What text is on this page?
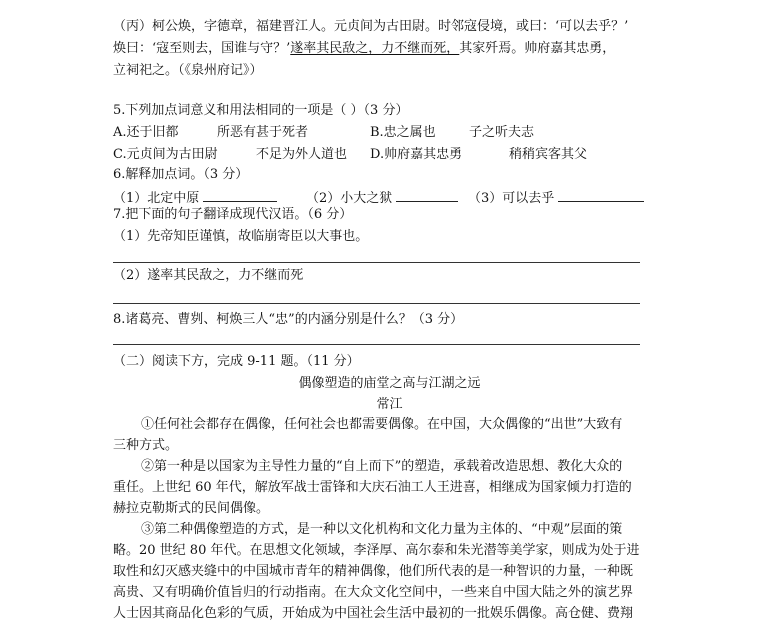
（丙）柯公焕，字德章，福建晋江人。元贞间为古田尉。时邻寇侵境，或曰：‘可以去乎？’
焕曰：‘寇至则去，国谁与守？’遂率其民敌之，力不继而死，其家歼焉。帅府嘉其忠勇，
立祠祀之。（《泉州府记》）
5.下列加点词意义和用法相同的一项是（ ）（3 分）
A.还于旧都	所恶有甚于死者	B.忠之属也	子之听夫志
C.元贞间为古田尉	不足为外人道也 D.帅府嘉其忠勇	稍稍宾客其父
6.解释加点词。（3 分）
（1）北定中原	（2）小大之狱	（3）可以去乎
7.把下面的句子翻译成现代汉语。（6 分）
（1）先帝知臣谨慎，故临崩寄臣以大事也。
（2）遂率其民敌之，力不继而死
8.诸葛亮、曹刿、柯焕三人“忠”的内涵分别是什么？（3 分）
（二）阅读下方，完成 9-11 题。（11 分）
偶像塑造的庙堂之高与江湖之远
常江
①任何社会都存在偶像，任何社会也都需要偶像。在中国，大众偶像的“出世”大致有
三种方式。
②第一种是以国家为主导性力量的“自上而下”的塑造，承载着改造思想、教化大众的
重任。上世纪 60 年代，解放军战士雷锋和大庆石油工人王进喜，相继成为国家倾力打造的
赫拉克勒斯式的民间偶像。
③第二种偶像塑造的方式，是一种以文化机构和文化力量为主体的、“中观”层面的策
略。20 世纪 80 年代。在思想文化领域，李泽厚、高尔泰和朱光潜等美学家，则成为处于进
取性和幻灭感夹缝中的中国城市青年的精神偶像，他们所代表的是一种智识的力量，一种既
高贵、又有明确价值旨归的行动指南。在大众文化空间中，一些来自中国大陆之外的演艺界
人士因其商品化色彩的气质，开始成为中国社会生活中最初的一批娱乐偶像。高仓健、费翔
